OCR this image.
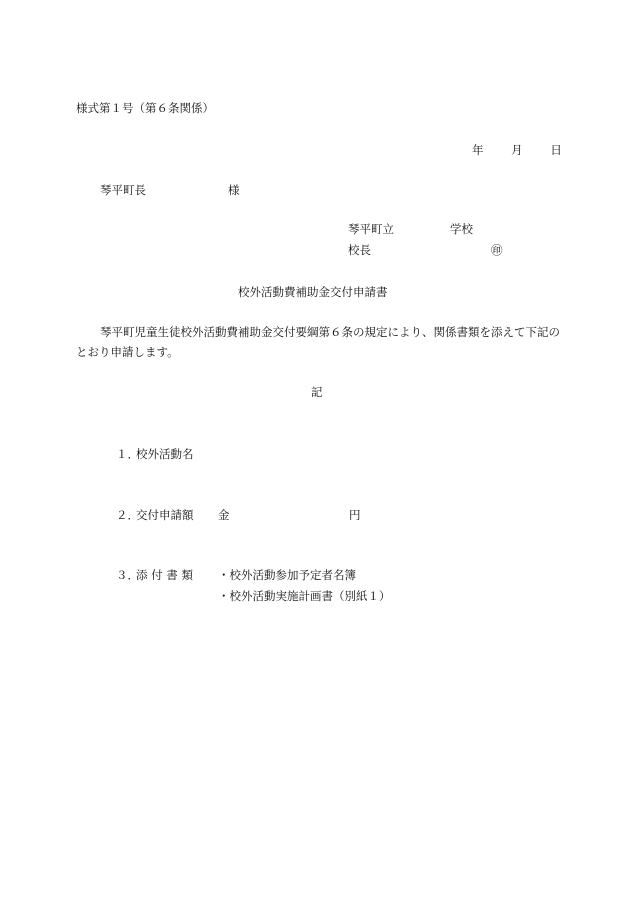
様式第１号（第６条関係）
年 月 日
琴平町長	様
琴平町立	学校
校長	㊞
校外活動費補助金交付申請書
琴平町児童生徒校外活動費補助金交付要綱第６条の規定により、関係書類を添えて下記のとおり申請します。
記
１．校外活動名
２．交付申請額 金	円
３．添 付 書 類 ・校外活動参加予定者名簿
・校外活動実施計画書（別紙１）
